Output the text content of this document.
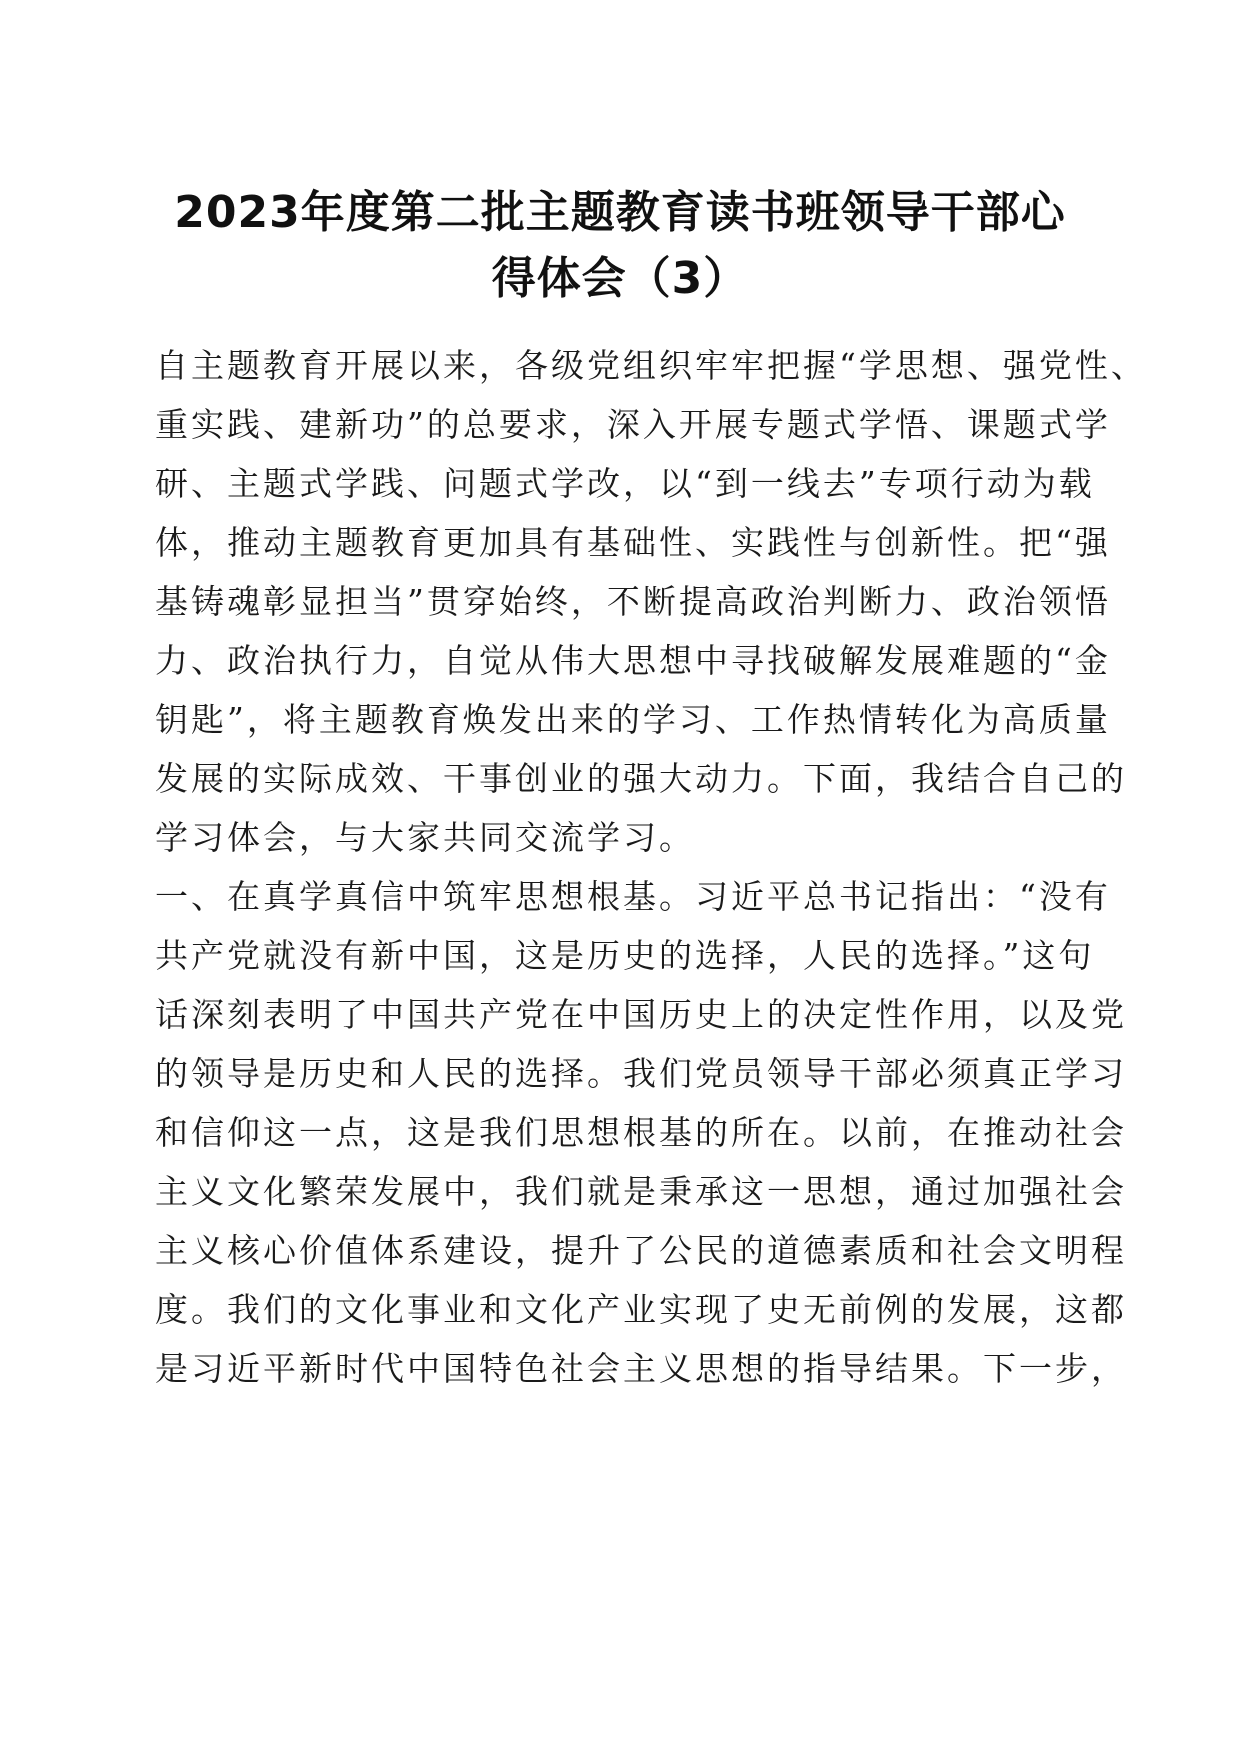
2023年度第二批主题教育读书班领导干部心
得体会（3）

自主题教育开展以来，各级党组织牢牢把握“学思想、强党性、

重实践、建新功”的总要求，深入开展专题式学悟、课题式学

研、主题式学践、问题式学改，以“到一线去”专项行动为载

体，推动主题教育更加具有基础性、实践性与创新性。把“强

基铸魂彰显担当”贯穿始终，不断提高政治判断力、政治领悟

力、政治执行力，自觉从伟大思想中寻找破解发展难题的“金

钥匙”，将主题教育焕发出来的学习、工作热情转化为高质量

发展的实际成效、干事创业的强大动力。下面，我结合自己的

学习体会，与大家共同交流学习。

一、在真学真信中筑牢思想根基。习近平总书记指出：“没有

共产党就没有新中国，这是历史的选择，人民的选择。”这句

话深刻表明了中国共产党在中国历史上的决定性作用，以及党

的领导是历史和人民的选择。我们党员领导干部必须真正学习

和信仰这一点，这是我们思想根基的所在。以前，在推动社会

主义文化繁荣发展中，我们就是秉承这一思想，通过加强社会

主义核心价值体系建设，提升了公民的道德素质和社会文明程

度。我们的文化事业和文化产业实现了史无前例的发展，这都

是习近平新时代中国特色社会主义思想的指导结果。下一步，
